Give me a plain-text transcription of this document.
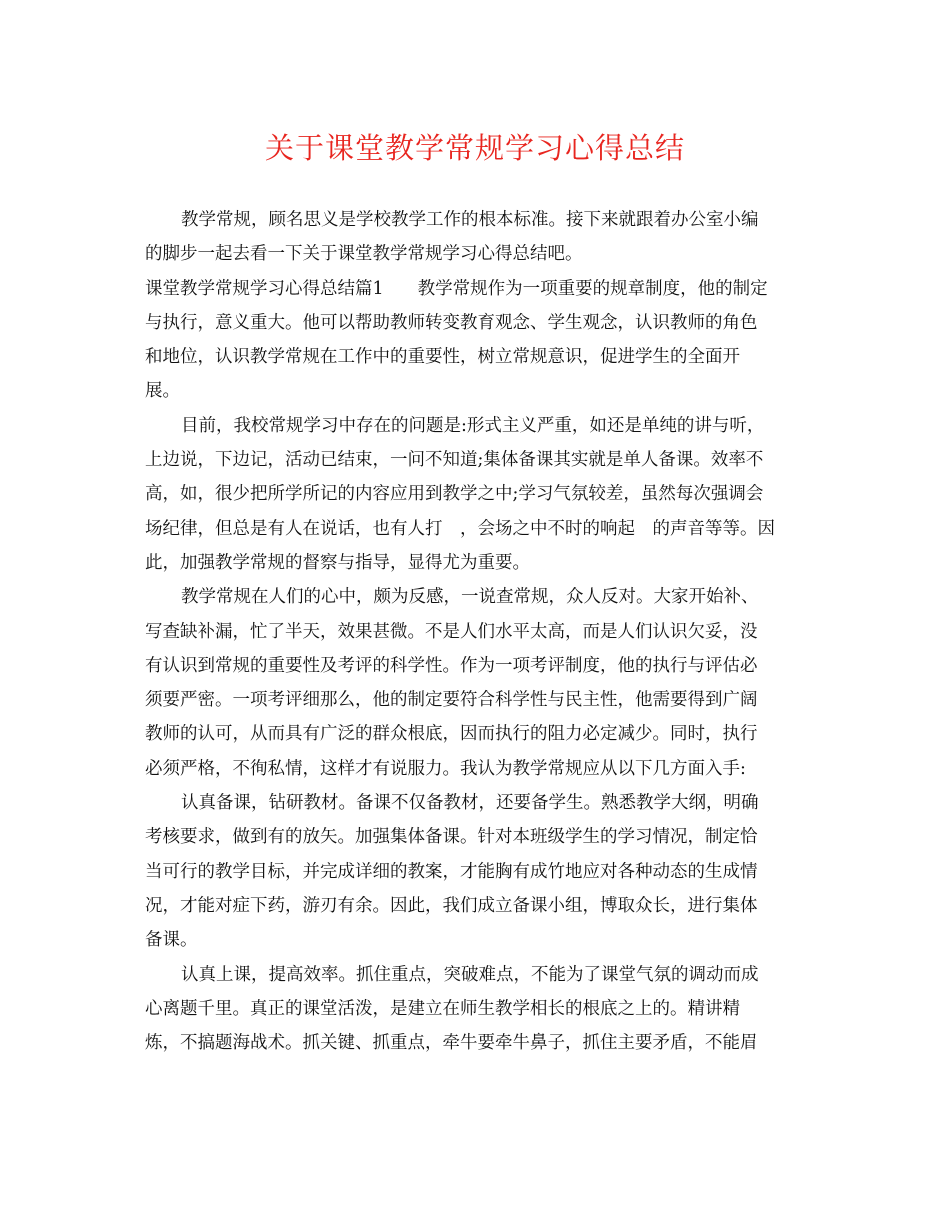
关于课堂教学常规学习心得总结
教学常规，顾名思义是学校教学工作的根本标准。接下来就跟着办公室小编
的脚步一起去看一下关于课堂教学常规学习心得总结吧。
课堂教学常规学习心得总结篇1 教学常规作为一项重要的规章制度，他的制定
与执行，意义重大。他可以帮助教师转变教育观念、学生观念，认识教师的角色
和地位，认识教学常规在工作中的重要性，树立常规意识，促进学生的全面开
展。
目前，我校常规学习中存在的问题是:形式主义严重，如还是单纯的讲与听，
上边说，下边记，活动已结束，一问不知道;集体备课其实就是单人备课。效率不
高，如，很少把所学所记的内容应用到教学之中;学习气氛较差，虽然每次强调会
场纪律，但总是有人在说话，也有人打　，会场之中不时的响起　的声音等等。因
此，加强教学常规的督察与指导，显得尤为重要。
教学常规在人们的心中，颇为反感，一说查常规，众人反对。大家开始补、
写查缺补漏，忙了半天，效果甚微。不是人们水平太高，而是人们认识欠妥，没
有认识到常规的重要性及考评的科学性。作为一项考评制度，他的执行与评估必
须要严密。一项考评细那么，他的制定要符合科学性与民主性，他需要得到广阔
教师的认可，从而具有广泛的群众根底，因而执行的阻力必定减少。同时，执行
必须严格，不徇私情，这样才有说服力。我认为教学常规应从以下几方面入手:
认真备课，钻研教材。备课不仅备教材，还要备学生。熟悉教学大纲，明确
考核要求，做到有的放矢。加强集体备课。针对本班级学生的学习情况，制定恰
当可行的教学目标，并完成详细的教案，才能胸有成竹地应对各种动态的生成情
况，才能对症下药，游刃有余。因此，我们成立备课小组，博取众长，进行集体
备课。
认真上课，提高效率。抓住重点，突破难点，不能为了课堂气氛的调动而成
心离题千里。真正的课堂活泼，是建立在师生教学相长的根底之上的。精讲精
炼，不搞题海战术。抓关键、抓重点，牵牛要牵牛鼻子，抓住主要矛盾，不能眉
